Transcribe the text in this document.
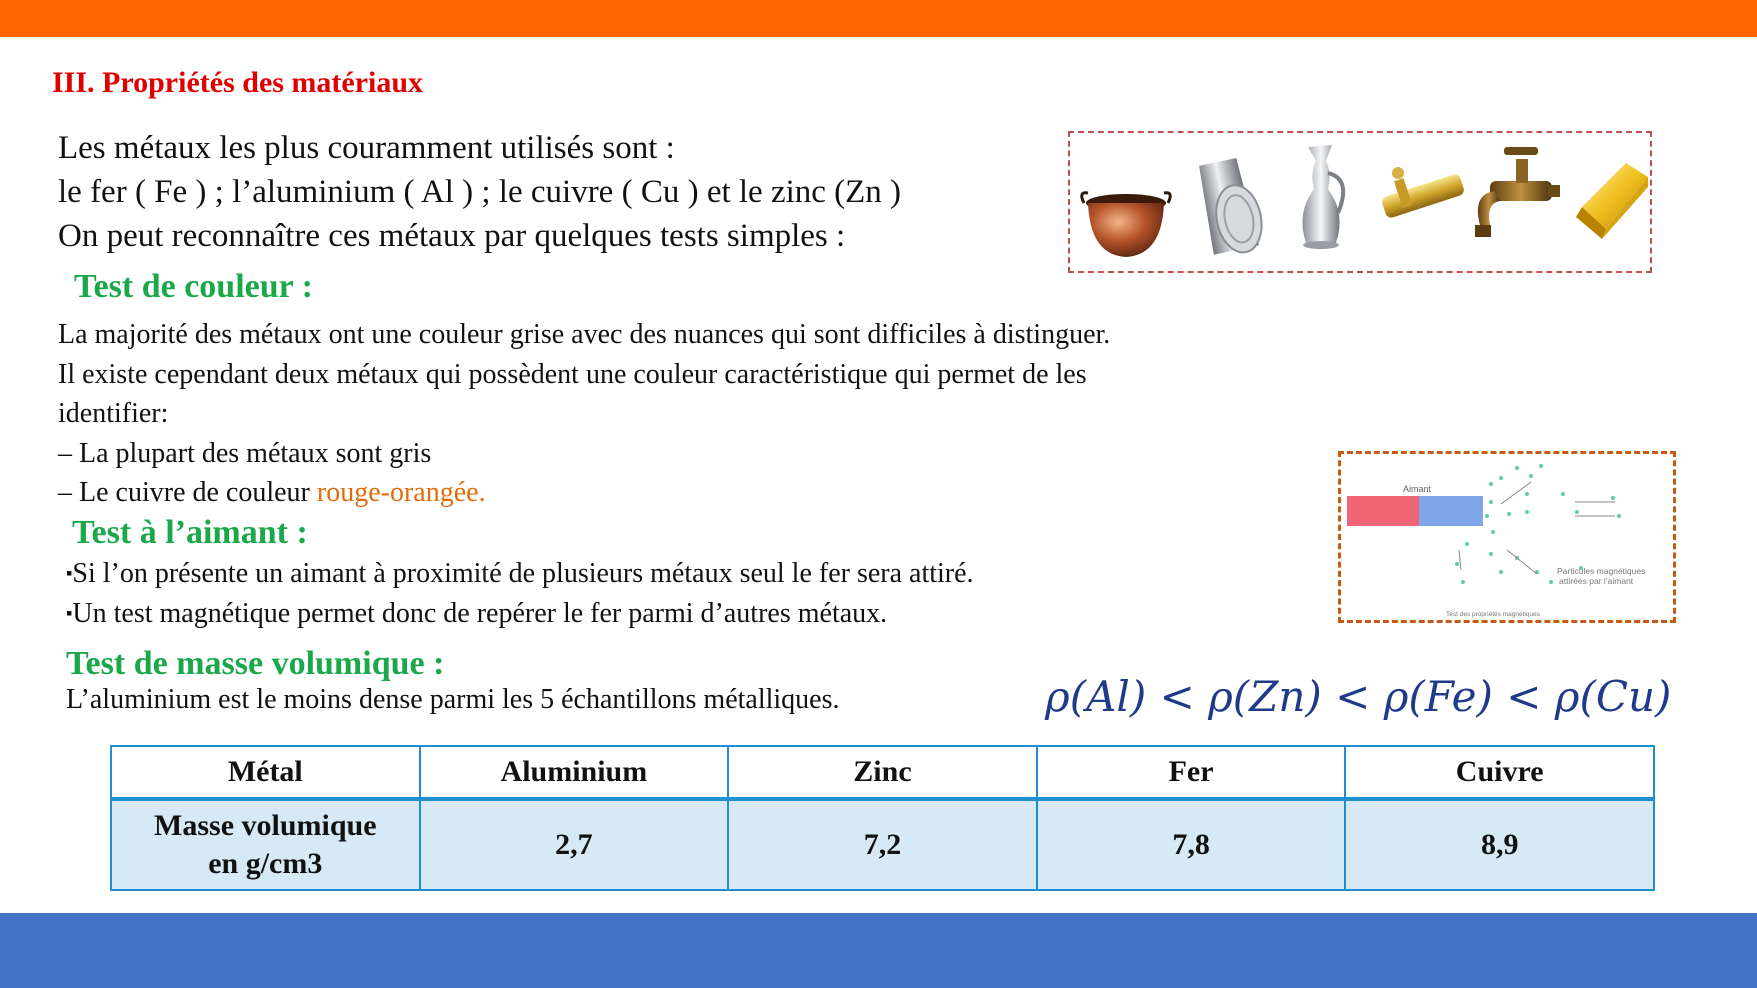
III. Propriétés des matériaux
Les métaux les plus couramment utilisés sont :
le fer ( Fe ) ; l’aluminium ( Al ) ; le cuivre ( Cu ) et le zinc (Zn )
On peut reconnaître ces métaux par quelques tests simples :
Test de couleur :
La majorité des métaux ont une couleur grise avec des nuances qui sont difficiles à distinguer.
Il existe cependant deux métaux qui possèdent une couleur caractéristique qui permet de les
identifier:
– La plupart des métaux sont gris
– Le cuivre de couleur rouge-orangée.
Test à l’aimant :
▪Si l’on présente un aimant à proximité de plusieurs métaux seul le fer sera attiré.
▪Un test magnétique permet donc de repérer le fer parmi d’autres métaux.
Aimant
Particules magnétiques
attirées par l’aimant
Test des propriétés magnétiques
Test de masse volumique :
L’aluminium est le moins dense parmi les 5 échantillons métalliques.	ρ(Al) < ρ(Zn) < ρ(Fe) < ρ(Cu)
Métal	Aluminium	Zinc	Fer	Cuivre

Masse volumique
en g/cm3	2,7	7,2	7,8	8,9
